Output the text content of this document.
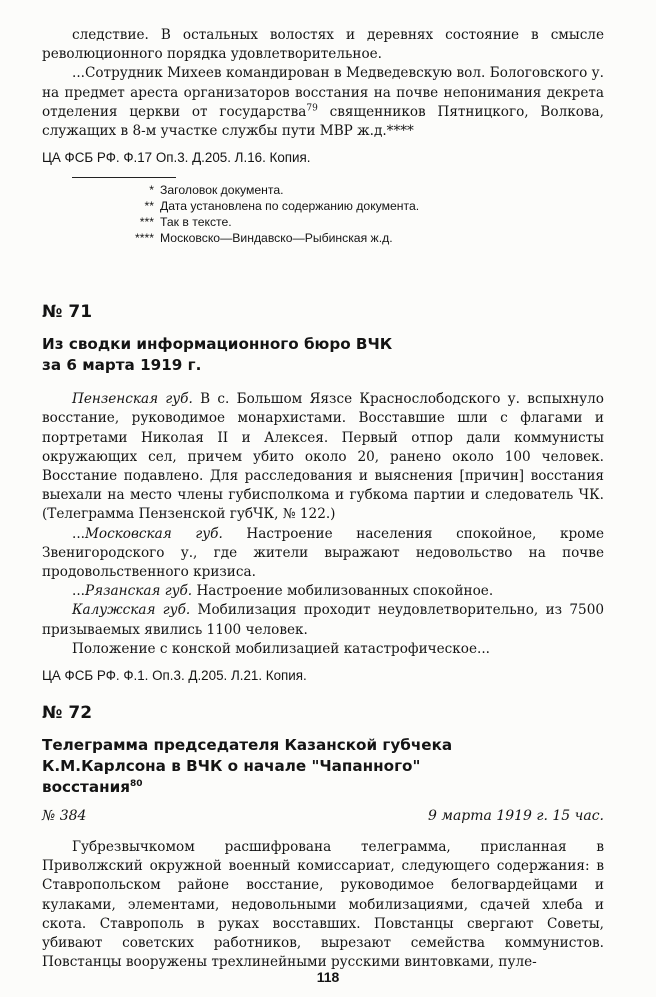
следствие. В остальных волостях и деревнях состояние в смысле революционного порядка удовлетворительное.

...Сотрудник Михеев командирован в Медведевскую вол. Бологовского у. на предмет ареста организаторов восстания на почве непонимания декрета отделения церкви от государства$^{79}$ священников Пятницкого, Волкова, служащих в 8-м участке службы пути МВР ж.д.****

ЦА ФСБ РФ. Ф.17 Оп.3. Д.205. Л.16. Копия.

* Заголовок документа.
** Дата установлена по содержанию документа.
*** Так в тексте.
**** Московско—Виндавско—Рыбинская ж.д.
№ 71
Из сводки информационного бюро ВЧК
за 6 марта 1919 г.

Пензенская губ. В с. Большом Яязсе Краснослободского у. вспыхнуло восстание, руководимое монархистами. Восставшие шли с флагами и портретами Николая II и Алексея. Первый отпор дали коммунисты окружающих сел, причем убито около 20, ранено около 100 человек. Восстание подавлено. Для расследования и выяснения [причин] восстания выехали на место члены губисполкома и губкома партии и следователь ЧК. (Телеграмма Пензенской губЧК, № 122.)

...Московская губ. Настроение населения спокойное, кроме Звенигородского у., где жители выражают недовольство на почве продовольственного кризиса.

...Рязанская губ. Настроение мобилизованных спокойное.

Калужская губ. Мобилизация проходит неудовлетворительно, из 7500 призываемых явились 1100 человек.

Положение с конской мобилизацией катастрофическое...

ЦА ФСБ РФ. Ф.1. Оп.3. Д.205. Л.21. Копия.

№ 72
Телеграмма председателя Казанской губчека
К.М.Карлсона в ВЧК о начале "Чапанного"
восстания$^{80}$
№ 384	9 марта 1919 г. 15 час.

Губрезвычкомом расшифрована телеграмма, присланная в Приволжский окружной военный комиссариат, следующего содержания: в Ставропольском районе восстание, руководимое белогвардейцами и кулаками, элементами, недовольными мобилизациями, сдачей хлеба и скота. Ставрополь в руках восставших. Повстанцы свергают Советы, убивают советских работников, вырезают семейства коммунистов. Повстанцы вооружены трехлинейными русскими винтовками, пуле-

118
